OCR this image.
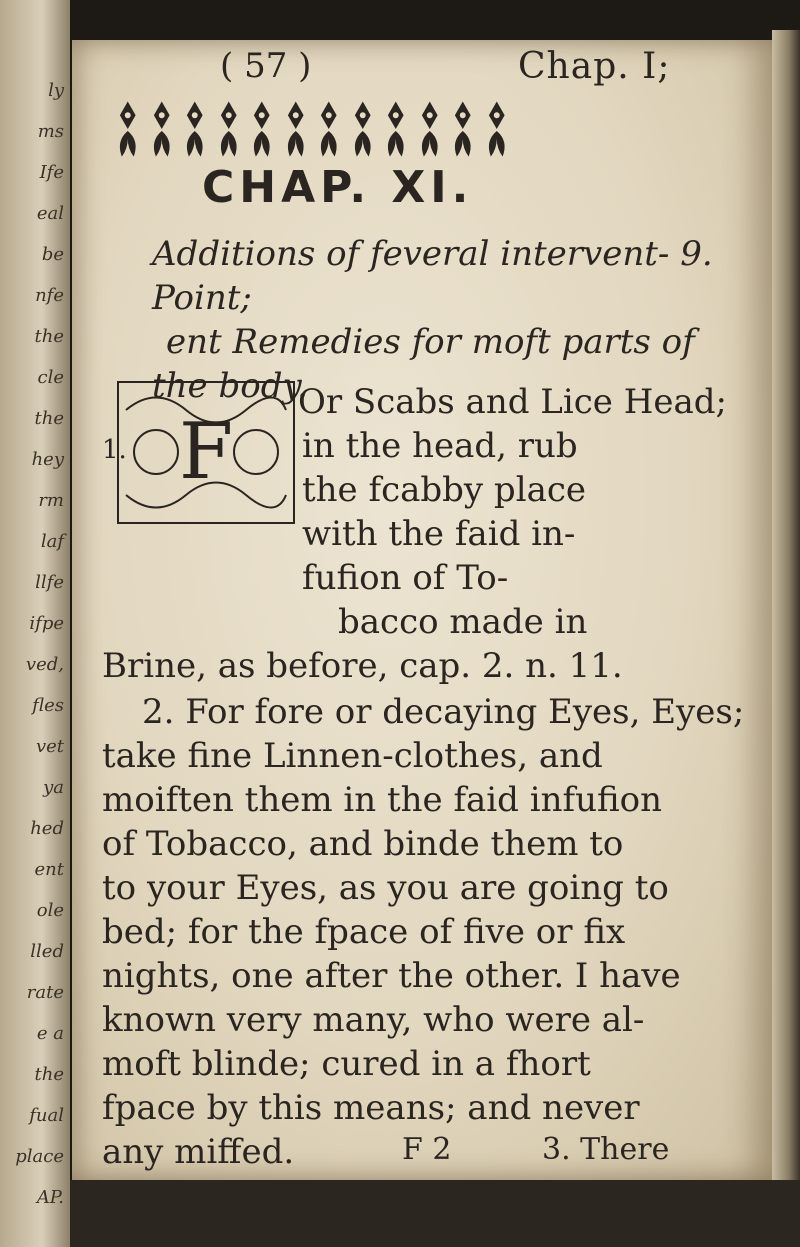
ly
ms
Ife
eal
be
nfe
the
cle
the
hey
rm
laf
llfe
ifpe
ved,
fles
vet
ya
hed
ent
ole
lled
rate
e a
the
fual
place
AP.
( 57 )	Chap. I;
CHAP. XI.
Additions of feveral intervent- 9. Point;
ent Remedies for moft parts of
the body.
1. F
Or Scabs and Lice Head;
in the head, rub
the fcabby place
with the faid in-
fufion of To-
bacco made in
Brine, as before, cap. 2. n. 11.
2. For fore or decaying Eyes, Eyes;
take fine Linnen-clothes, and
moiften them in the faid infufion
of Tobacco, and binde them to
to your Eyes, as you are going to
bed; for the fpace of five or fix
nights, one after the other. I have
known very many, who were al-
moft blinde; cured in a fhort
fpace by this means; and never
any miffed.	F 2	3. There
